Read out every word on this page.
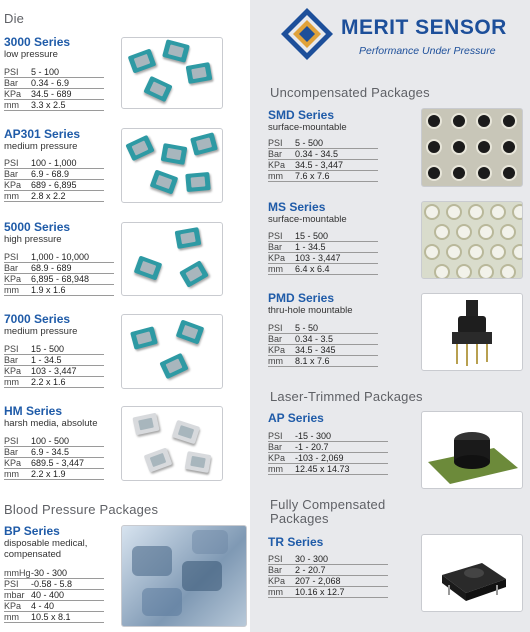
Die
3000 Series
low pressure
PSI	5 - 100
Bar	0.34 - 6.9
KPa	34.5 - 689
mm	3.3 x 2.5
AP301 Series
medium pressure
PSI	100 - 1,000
Bar	6.9 - 68.9
KPa	689 - 6,895
mm	2.8 x 2.2
5000 Series
high pressure
PSI	1,000 - 10,000
Bar	68.9 - 689
KPa	6,895 - 68,948
mm	1.9 x 1.6
7000 Series
medium pressure
PSI	15 - 500
Bar	1 - 34.5
KPa	103 - 3,447
mm	2.2 x 1.6
HM Series
harsh media, absolute
PSI	100 - 500
Bar	6.9 - 34.5
KPa	689.5 - 3,447
mm	2.2 x 1.9
Blood Pressure Packages
BP Series
disposable medical,
compensated
mmHg -30 - 300
PSI	-0.58 - 5.8
mbar 40 - 400
KPa	4 - 40
mm	10.5 x 8.1
MERIT SENSOR
Performance Under Pressure
Uncompensated Packages
SMD Series
surface-mountable
PSI	5 - 500
Bar	0.34 - 34.5
KPa	34.5 - 3,447
mm	7.6 x 7.6
MS Series
surface-mountable
PSI	15 - 500
Bar	1 - 34.5
KPa	103 - 3,447
mm	6.4 x 6.4
PMD Series
thru-hole mountable
PSI	5 - 50
Bar	0.34 - 3.5
KPa	34.5 - 345
mm	8.1 x 7.6
Laser-Trimmed Packages
AP Series
PSI	-15 - 300
Bar	-1 - 20.7
KPa	-103 - 2,069
mm	12.45 x 14.73
Fully Compensated
Packages
TR Series
PSI	30 - 300
Bar	2 - 20.7
KPa	207 - 2,068
mm	10.16 x 12.7
